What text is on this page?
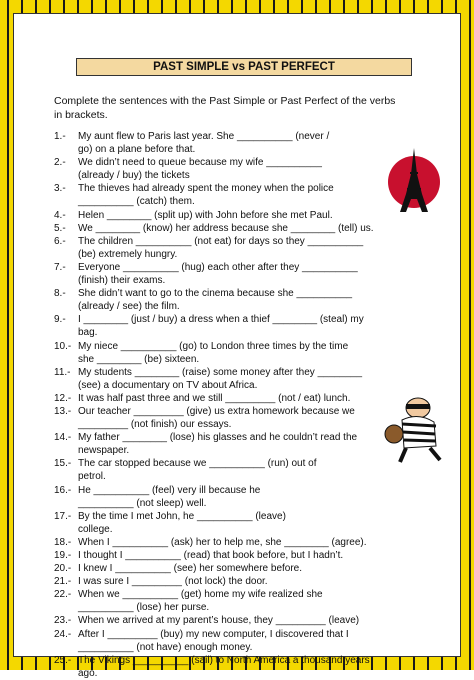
PAST SIMPLE vs PAST PERFECT
Complete the sentences with the Past Simple or Past Perfect of the verbs in brackets.
1.-	My aunt flew to Paris last year. She __________ (never /
go) on a plane before that.
2.-	We didn’t need to queue because my wife __________
(already / buy) the tickets
3.-	The thieves had already spent the money when the police
__________ (catch) them.
4.-	Helen ________ (split up) with John before she met Paul.
5.-	We ________ (know) her address because she ________ (tell) us.
6.-	The children __________ (not eat) for days so they __________
(be) extremely hungry.
7.-	Everyone __________ (hug) each other after they __________
(finish) their exams.
8.-	She didn’t want to go to the cinema because she __________
(already / see) the film.
9.-	I ________ (just / buy) a dress when a thief ________ (steal) my
bag.
10.- My niece __________ (go) to London three times by the time
she ________ (be) sixteen.
11.- My students ________ (raise) some money after they ________
(see) a documentary on TV about Africa.
12.- It was half past three and we still _________ (not / eat) lunch.
13.- Our teacher _________ (give) us extra homework because we
_________ (not finish) our essays.
14.- My father ________ (lose) his glasses and he couldn’t read the
newspaper.
15.- The car stopped because we __________ (run) out of
petrol.
16.- He __________ (feel) very ill because he
__________ (not sleep) well.
17.- By the time I met John, he __________ (leave)
college.
18.- When I __________ (ask) her to help me, she ________ (agree).
19.- I thought I __________ (read) that book before, but I hadn’t.
20.- I knew I __________ (see) her somewhere before.
21.- I was sure I _________ (not lock) the door.
22.- When we __________ (get) home my wife realized she
__________ (lose) her purse.
23.- When we arrived at my parent’s house, they _________ (leave)
24.- After I _________ (buy) my new computer, I discovered that I
__________ (not have) enough money.
25.- The Vikings __________ (sail) to North America a thousand years
ago.
